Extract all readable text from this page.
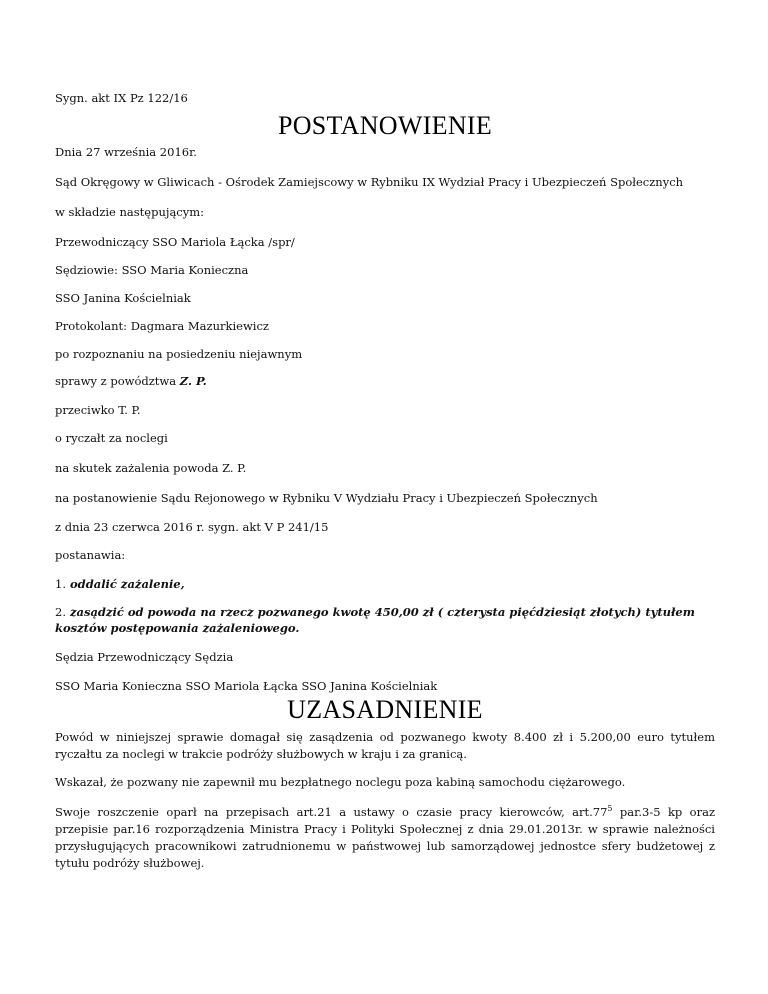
Sygn. akt IX Pz 122/16
POSTANOWIENIE
Dnia 27 września 2016r.
Sąd Okręgowy w Gliwicach - Ośrodek Zamiejscowy w Rybniku IX Wydział Pracy i Ubezpieczeń Społecznych
w składzie następującym:
Przewodniczący SSO Mariola Łącka /spr/
Sędziowie: SSO Maria Konieczna
SSO Janina Kościelniak
Protokolant: Dagmara Mazurkiewicz
po rozpoznaniu na posiedzeniu niejawnym
sprawy z powództwa Z. P.
przeciwko T. P.
o ryczałt za noclegi
na skutek zażalenia powoda Z. P.
na postanowienie Sądu Rejonowego w Rybniku V Wydziału Pracy i Ubezpieczeń Społecznych
z dnia 23 czerwca 2016 r. sygn. akt V P 241/15
postanawia:
1. oddalić zażalenie,
2. zasądzić od powoda na rzecz pozwanego kwotę 450,00 zł ( czterysta pięćdziesiąt złotych) tytułem
kosztów postępowania zażaleniowego.
Sędzia Przewodniczący Sędzia
SSO Maria Konieczna SSO Mariola Łącka SSO Janina Kościelniak
UZASADNIENIE
Powód w niniejszej sprawie domagał się zasądzenia od pozwanego kwoty 8.400 zł i 5.200,00 euro tytułem ryczałtu za noclegi w trakcie podróży służbowych w kraju i za granicą.
Wskazał, że pozwany nie zapewnił mu bezpłatnego noclegu poza kabiną samochodu ciężarowego.
Swoje roszczenie oparł na przepisach art.21 a ustawy o czasie pracy kierowców, $art.77^5$ par.3-5 kp oraz przepisie par.16 rozporządzenia Ministra Pracy i Polityki Społecznej z dnia 29.01.2013r. w sprawie należności przysługujących pracownikowi zatrudnionemu w państwowej lub samorządowej jednostce sfery budżetowej z tytułu podróży służbowej.
